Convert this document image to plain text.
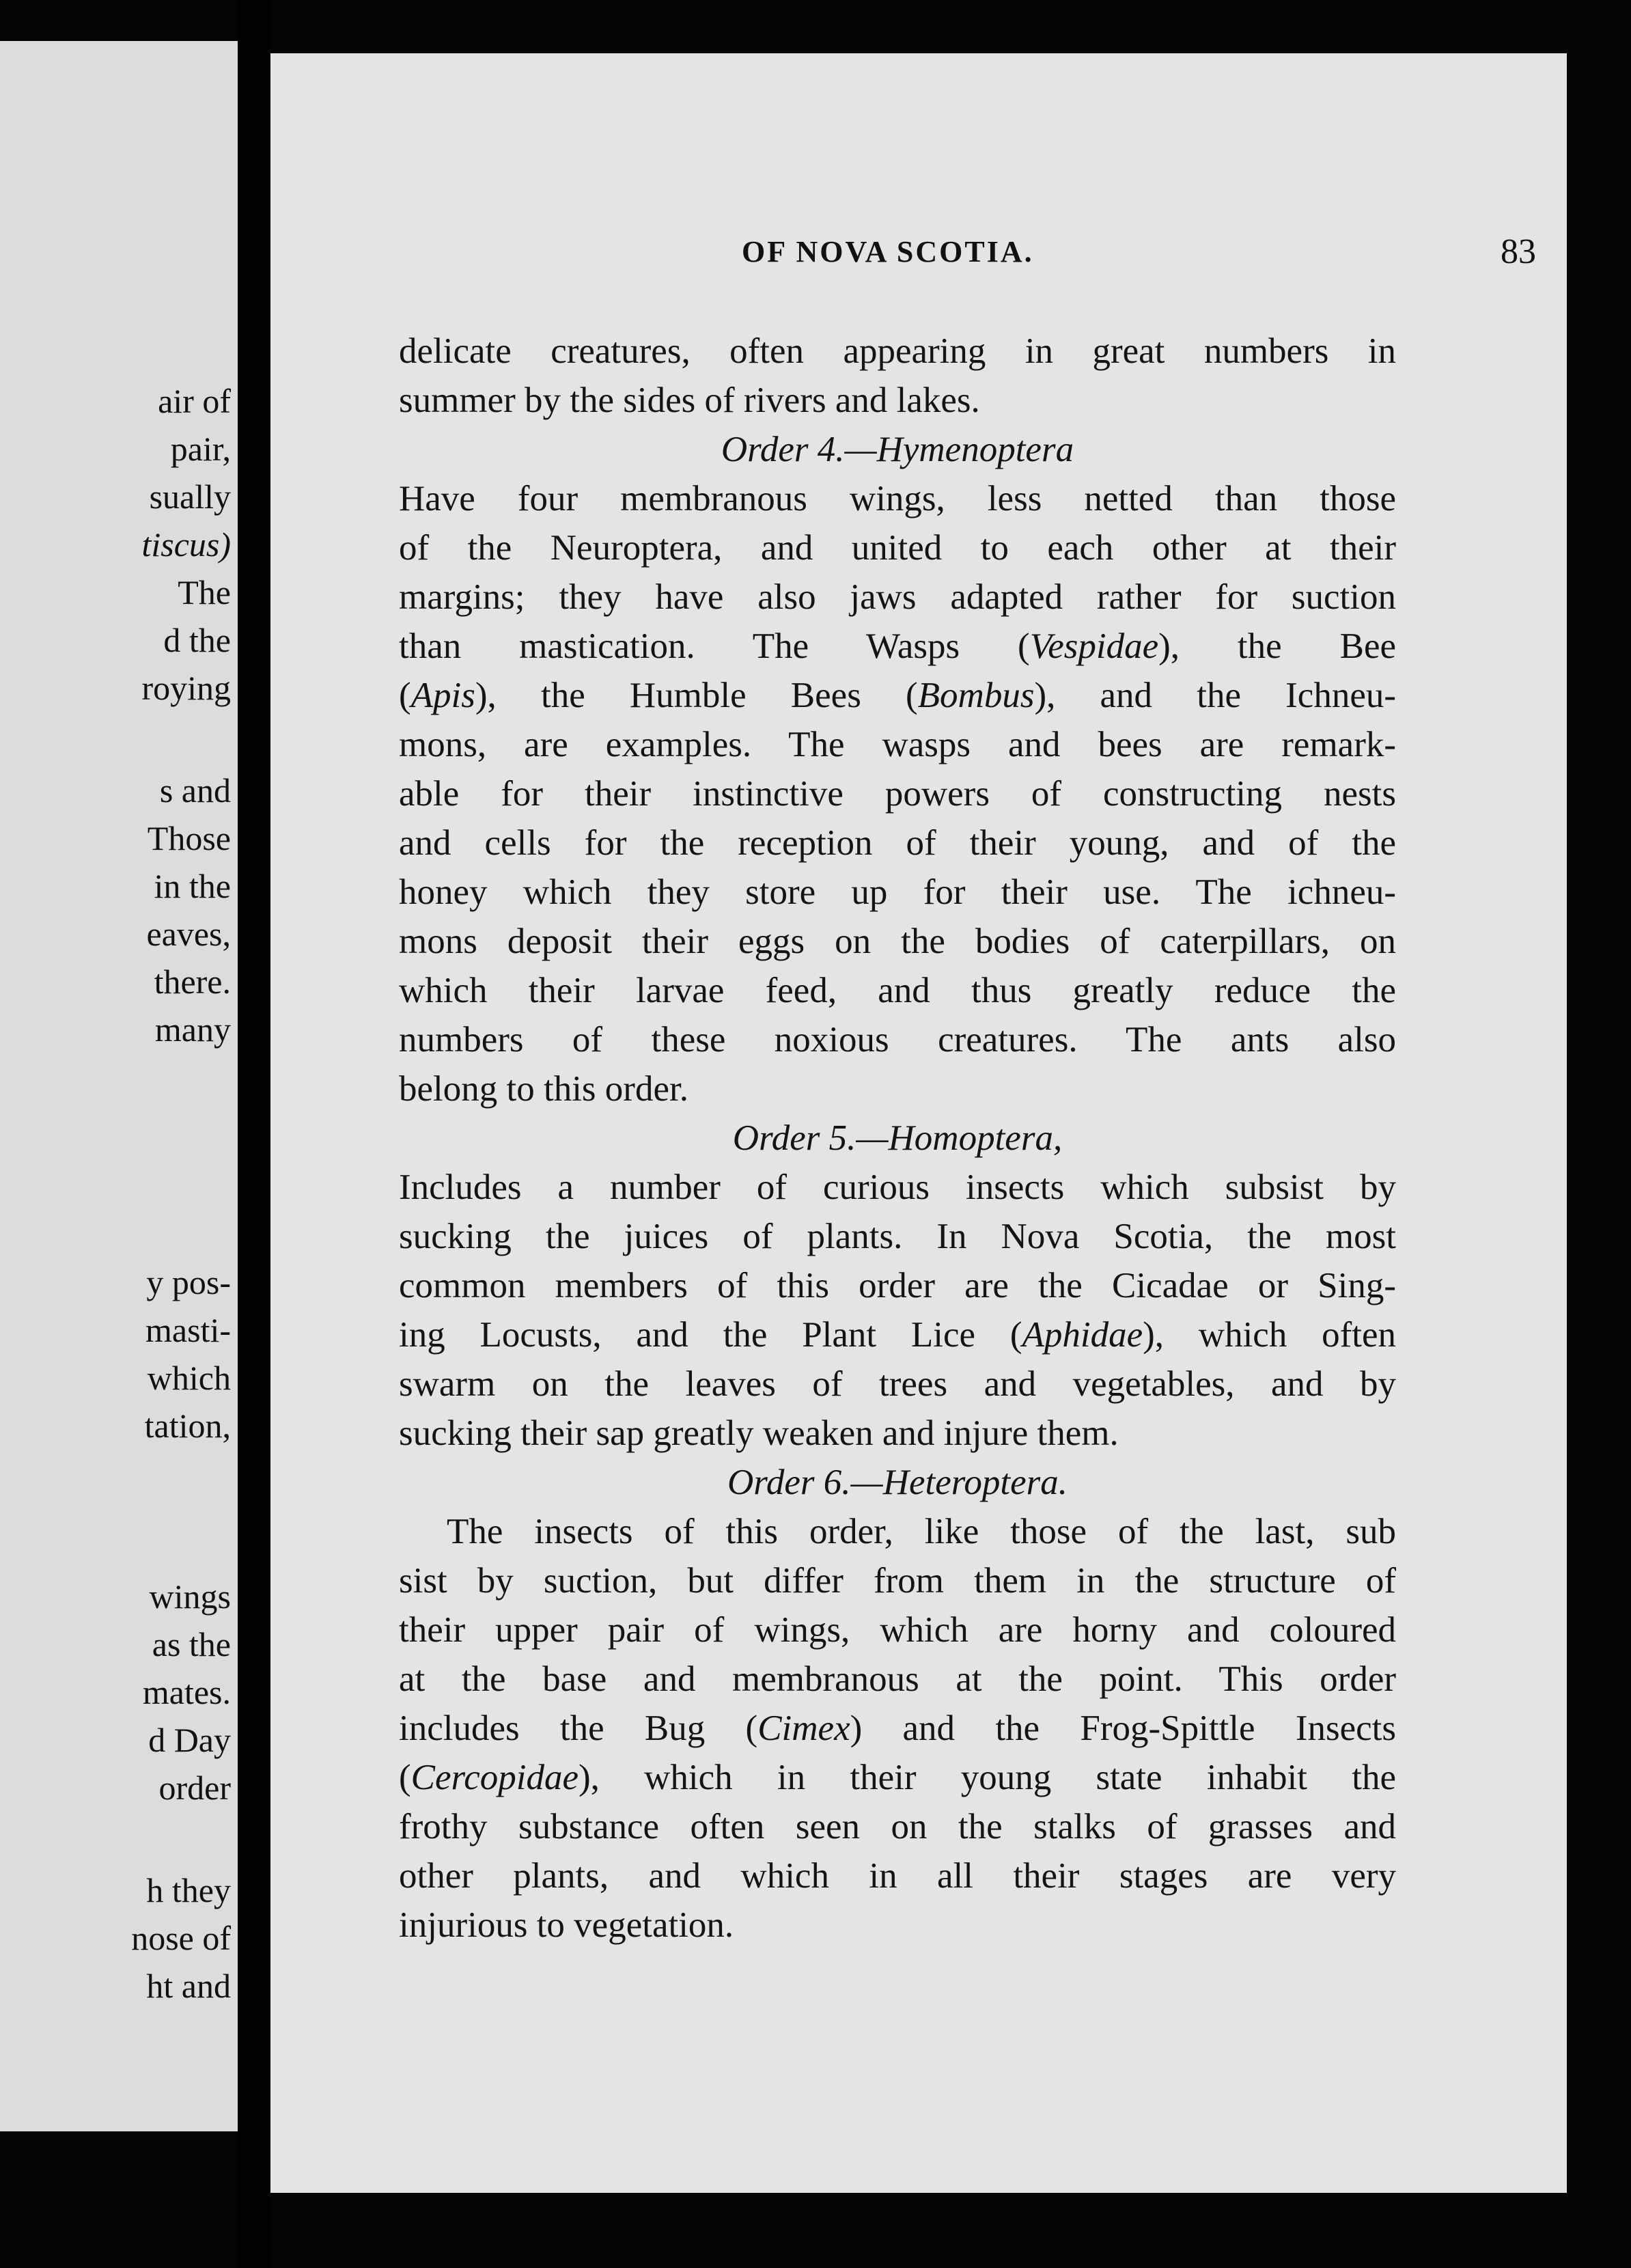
air of
pair,
sually
tiscus)
The
d the
roying
s and
Those
in the
eaves,
there.
many
y pos-
masti-
which
tation,
wings
as the
mates.
d Day
order
h they
nose of
ht and
OF NOVA SCOTIA.	83
delicate creatures, often appearing in great numbers in
summer by the sides of rivers and lakes.
Order 4.—Hymenoptera
Have four membranous wings, less netted than those
of the Neuroptera, and united to each other at their
margins; they have also jaws adapted rather for suction
than mastication. The Wasps (Vespidae), the Bee
(Apis), the Humble Bees (Bombus), and the Ichneu-
mons, are examples. The wasps and bees are remark-
able for their instinctive powers of constructing nests
and cells for the reception of their young, and of the
honey which they store up for their use. The ichneu-
mons deposit their eggs on the bodies of caterpillars, on
which their larvae feed, and thus greatly reduce the
numbers of these noxious creatures. The ants also
belong to this order.
Order 5.—Homoptera,
Includes a number of curious insects which subsist by
sucking the juices of plants. In Nova Scotia, the most
common members of this order are the Cicadae or Sing-
ing Locusts, and the Plant Lice (Aphidae), which often
swarm on the leaves of trees and vegetables, and by
sucking their sap greatly weaken and injure them.
Order 6.—Heteroptera.
The insects of this order, like those of the last, sub
sist by suction, but differ from them in the structure of
their upper pair of wings, which are horny and coloured
at the base and membranous at the point. This order
includes the Bug (Cimex) and the Frog-Spittle Insects
(Cercopidae), which in their young state inhabit the
frothy substance often seen on the stalks of grasses and
other plants, and which in all their stages are very
injurious to vegetation.
